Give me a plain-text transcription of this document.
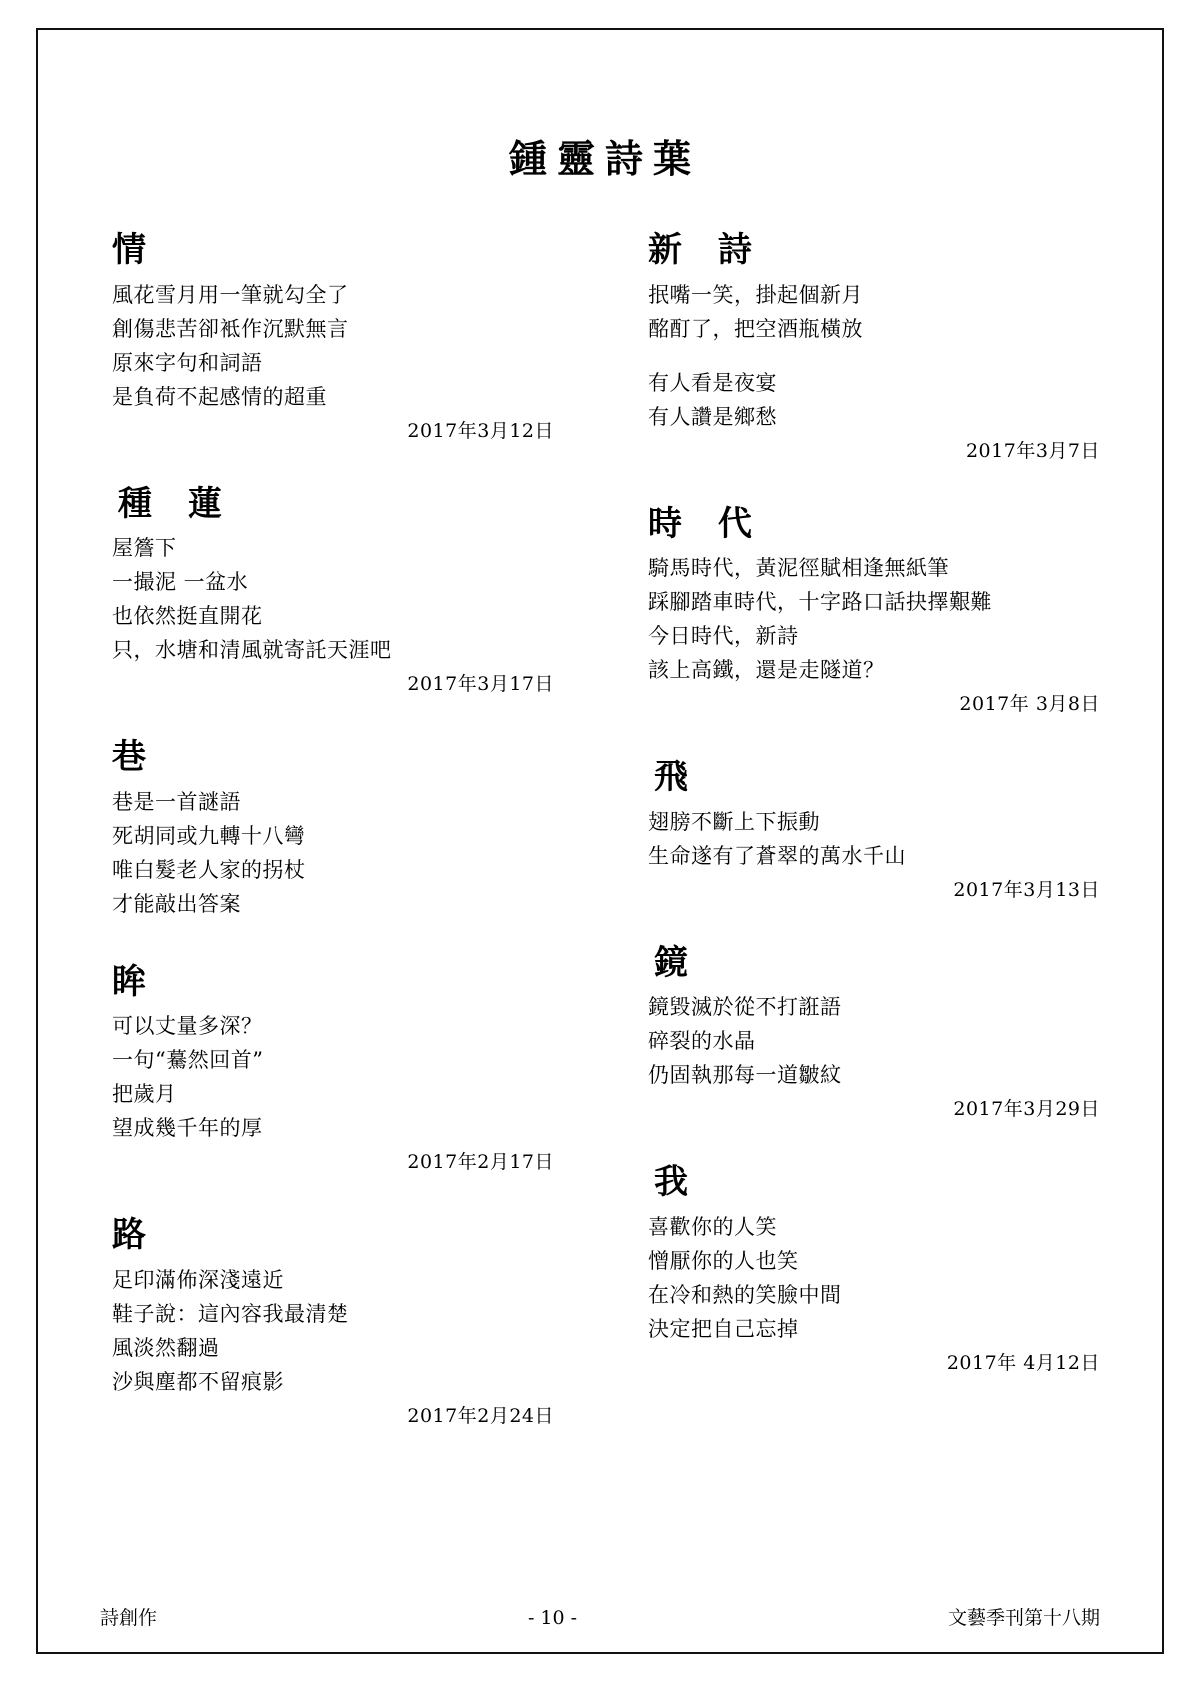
鍾靈詩葉
情
風花雪月用一筆就勾全了
創傷悲苦卻袛作沉默無言
原來字句和詞語
是負荷不起感情的超重
2017年3月12日
種 蓮
屋簷下
一撮泥 一盆水
也依然挺直開花
只，水塘和清風就寄託天涯吧
2017年3月17日
巷
巷是一首謎語
死胡同或九轉十八彎
唯白髮老人家的拐杖
才能敲出答案
眸
可以丈量多深？
一句“驀然回首”
把歲月
望成幾千年的厚
2017年2月17日
路
足印滿佈深淺遠近
鞋子說：這內容我最清楚
風淡然翻過
沙與塵都不留痕影
2017年2月24日
新 詩
抿嘴一笑，掛起個新月
酩酊了，把空酒瓶橫放
有人看是夜宴
有人讚是鄉愁
2017年3月7日
時 代
騎馬時代，黃泥徑賦相逢無紙筆
踩腳踏車時代，十字路口話抉擇艱難
今日時代，新詩
該上高鐵，還是走隧道？
2017年 3月8日
飛
翅膀不斷上下振動
生命遂有了蒼翠的萬水千山
2017年3月13日
鏡
鏡毀滅於從不打誑語
碎裂的水晶
仍固執那每一道皺紋
2017年3月29日
我
喜歡你的人笑
憎厭你的人也笑
在冷和熱的笑臉中間
決定把自己忘掉
2017年 4月12日
詩創作	- 10 -	文藝季刊第十八期
